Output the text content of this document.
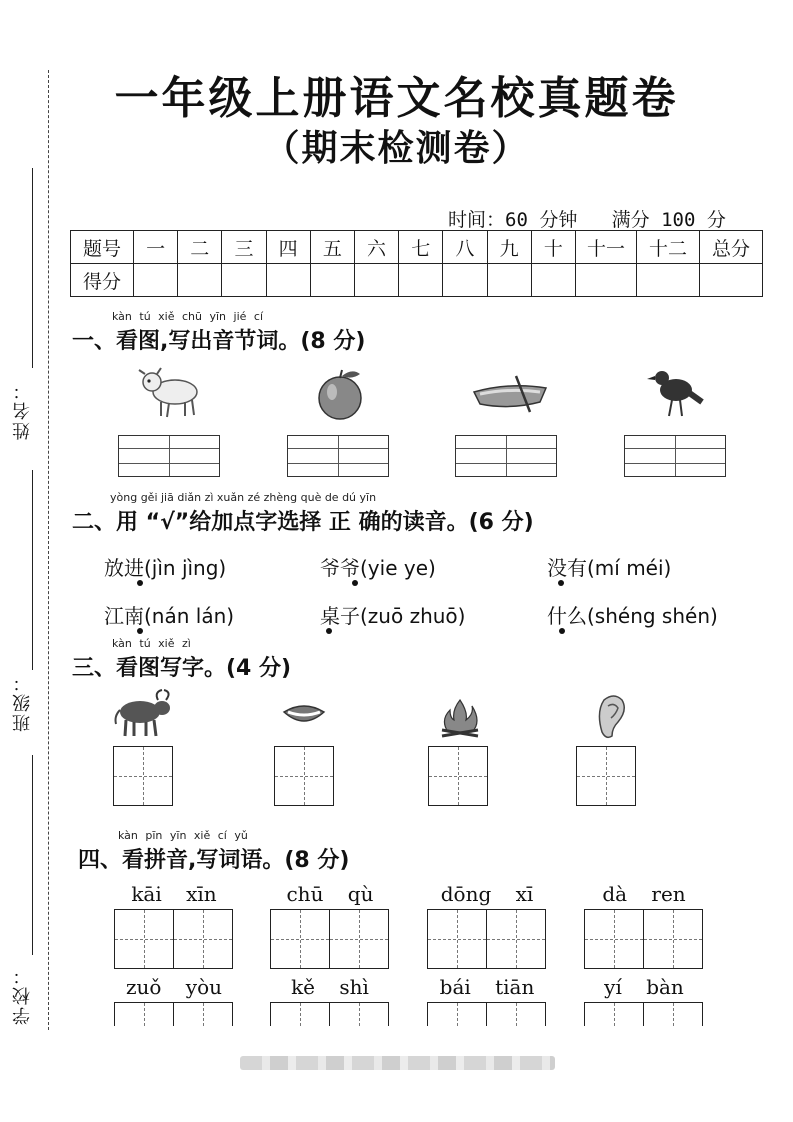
姓名：
班级：
学校：
一年级上册语文名校真题卷
（期末检测卷）
时间：60 分钟   满分 100 分
题号	一	二	三	四	五	六	七	八	九	十	十一	十二	总分
得分													
kàn tú xiě chū yīn jié cí
一、看图,写出音节词。(8 分)
yòng gěi jiā diǎn zì xuǎn zé zhèng què de dú yīn
二、用 “√”给加点字选择 正 确的读音。(6 分)
放进(jìn jìng)	爷爷(yie ye)	没有(mí méi)
江南(nán lán)	桌子(zuō zhuō)	什么(shéng shén)
kàn tú xiě zì
三、看图写字。(4 分)
kàn pīn yīn xiě cí yǔ
四、看拼音,写词语。(8 分)
kāi xīn	chū qù	dōng xī	dà ren
zuǒ yòu	kě shì	bái tiān	yí bàn
